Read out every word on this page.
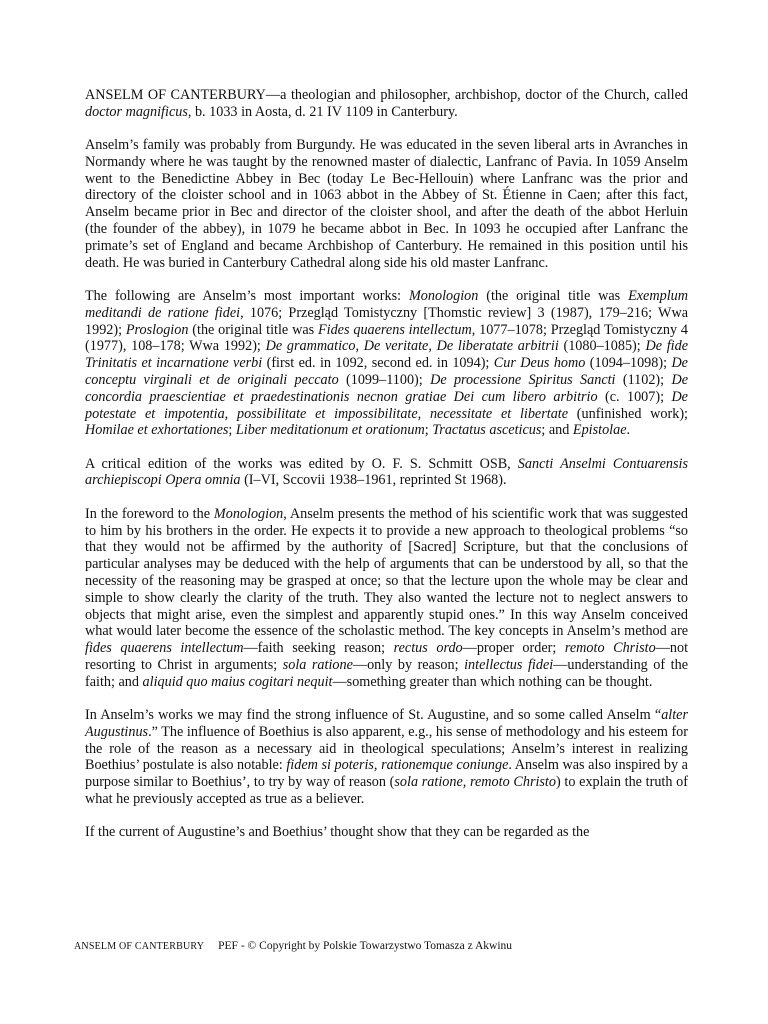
ANSELM OF CANTERBURY—a theologian and philosopher, archbishop, doctor of the Church, called doctor magnificus, b. 1033 in Aosta, d. 21 IV 1109 in Canterbury.

Anselm’s family was probably from Burgundy. He was educated in the seven liberal arts in Avranches in Normandy where he was taught by the renowned master of dialectic, Lanfranc of Pavia. In 1059 Anselm went to the Benedictine Abbey in Bec (today Le Bec-Hellouin) where Lanfranc was the prior and directory of the cloister school and in 1063 abbot in the Abbey of St. Étienne in Caen; after this fact, Anselm became prior in Bec and director of the cloister shool, and after the death of the abbot Herluin (the founder of the abbey), in 1079 he became abbot in Bec. In 1093 he occupied after Lanfranc the primate’s set of England and became Archbishop of Canterbury. He remained in this position until his death. He was buried in Canterbury Cathedral along side his old master Lanfranc.

The following are Anselm’s most important works: Monologion (the original title was Exemplum meditandi de ratione fidei, 1076; Przegląd Tomistyczny [Thomstic review] 3 (1987), 179–216; Wwa 1992); Proslogion (the original title was Fides quaerens intellectum, 1077–1078; Przegląd Tomistyczny 4 (1977), 108–178; Wwa 1992); De grammatico, De veritate, De liberatate arbitrii (1080–1085); De fide Trinitatis et incarnatione verbi (first ed. in 1092, second ed. in 1094); Cur Deus homo (1094–1098); De conceptu virginali et de originali peccato (1099–1100); De processione Spiritus Sancti (1102); De concordia praescientiae et praedestinationis necnon gratiae Dei cum libero arbitrio (c. 1007); De potestate et impotentia, possibilitate et impossibilitate, necessitate et libertate (unfinished work); Homilae et exhortationes; Liber meditationum et orationum; Tractatus asceticus; and Epistolae.

A critical edition of the works was edited by O. F. S. Schmitt OSB, Sancti Anselmi Contuarensis archiepiscopi Opera omnia (I–VI, Sccovii 1938–1961, reprinted St 1968).

In the foreword to the Monologion, Anselm presents the method of his scientific work that was suggested to him by his brothers in the order. He expects it to provide a new approach to theological problems “so that they would not be affirmed by the authority of [Sacred] Scripture, but that the conclusions of particular analyses may be deduced with the help of arguments that can be understood by all, so that the necessity of the reasoning may be grasped at once; so that the lecture upon the whole may be clear and simple to show clearly the clarity of the truth. They also wanted the lecture not to neglect answers to objects that might arise, even the simplest and apparently stupid ones.” In this way Anselm conceived what would later become the essence of the scholastic method. The key concepts in Anselm’s method are fides quaerens intellectum—faith seeking reason; rectus ordo—proper order; remoto Christo—not resorting to Christ in arguments; sola ratione—only by reason; intellectus fidei—understanding of the faith; and aliquid quo maius cogitari nequit—something greater than which nothing can be thought.

In Anselm’s works we may find the strong influence of St. Augustine, and so some called Anselm “alter Augustinus.” The influence of Boethius is also apparent, e.g., his sense of methodology and his esteem for the role of the reason as a necessary aid in theological speculations; Anselm’s interest in realizing Boethius’ postulate is also notable: fidem si poteris, rationemque coniunge. Anselm was also inspired by a purpose similar to Boethius’, to try by way of reason (sola ratione, remoto Christo) to explain the truth of what he previously accepted as true as a believer.

If the current of Augustine’s and Boethius’ thought show that they can be regarded as the

ANSELM OF CANTERBURY PEF - © Copyright by Polskie Towarzystwo Tomasza z Akwinu
